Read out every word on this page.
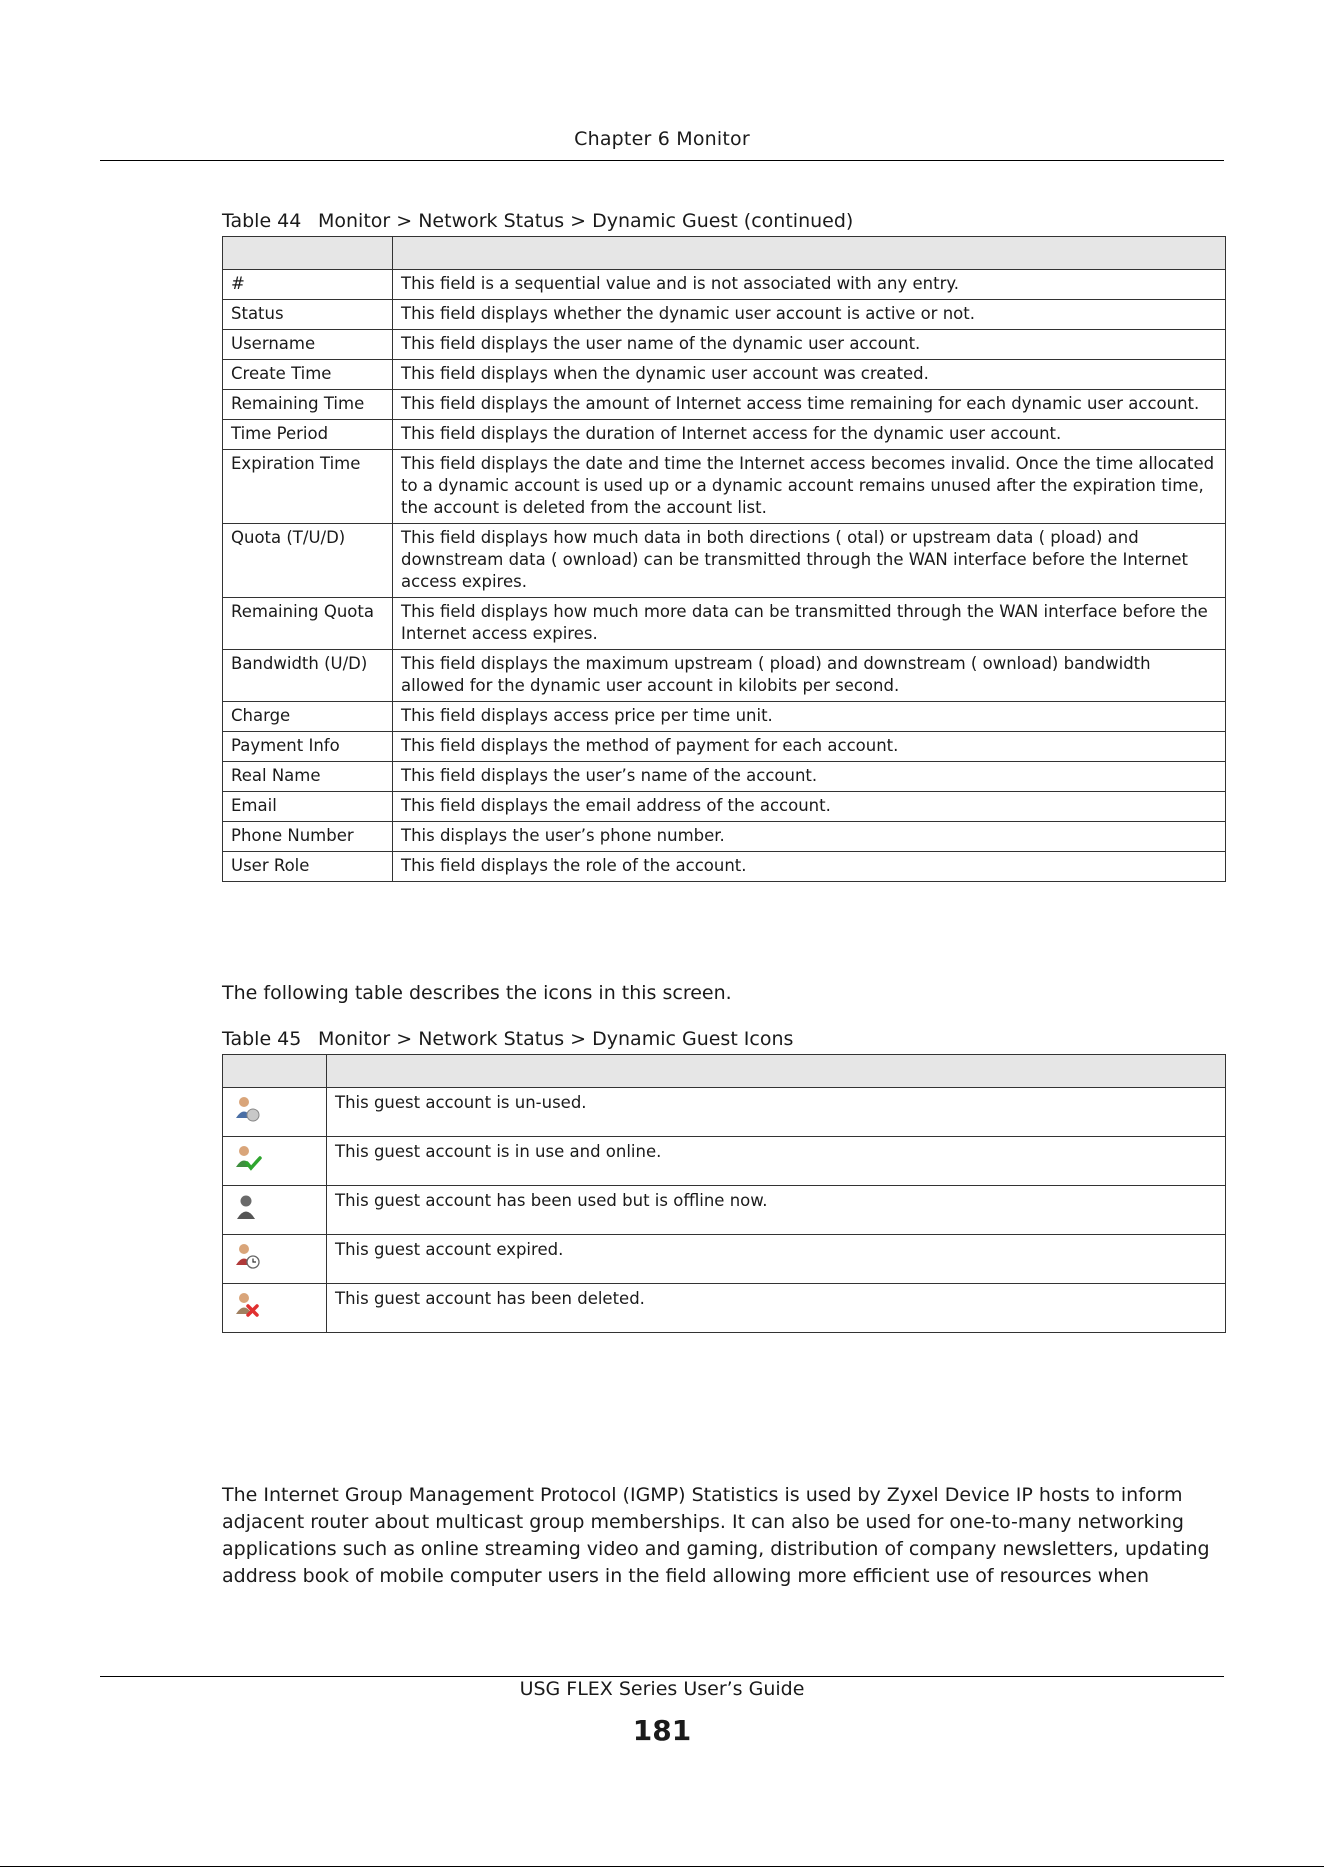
Chapter 6 Monitor
Table 44 Monitor > Network Status > Dynamic Guest (continued)

#	This field is a sequential value and is not associated with any entry.
Status	This field displays whether the dynamic user account is active or not.
Username	This field displays the user name of the dynamic user account.
Create Time	This field displays when the dynamic user account was created.
Remaining Time	This field displays the amount of Internet access time remaining for each dynamic user account.
Time Period	This field displays the duration of Internet access for the dynamic user account.
Expiration Time	This field displays the date and time the Internet access becomes invalid. Once the time allocated to a dynamic account is used up or a dynamic account remains unused after the expiration time, the account is deleted from the account list.
Quota (T/U/D)	This field displays how much data in both directions ( otal) or upstream data ( pload) and downstream data ( ownload) can be transmitted through the WAN interface before the Internet access expires.
Remaining Quota	This field displays how much more data can be transmitted through the WAN interface before the Internet access expires.
Bandwidth (U/D)	This field displays the maximum upstream ( pload) and downstream ( ownload) bandwidth allowed for the dynamic user account in kilobits per second.
Charge	This field displays access price per time unit.
Payment Info	This field displays the method of payment for each account.
Real Name	This field displays the user’s name of the account.
Email	This field displays the email address of the account.
Phone Number	This displays the user’s phone number.
User Role	This field displays the role of the account.
The following table describes the icons in this screen.
Table 45 Monitor > Network Status > Dynamic Guest Icons

	This guest account is un-used.

	This guest account is in use and online.

	This guest account has been used but is offline now.

	This guest account expired.

	This guest account has been deleted.
The Internet Group Management Protocol (IGMP) Statistics is used by Zyxel Device IP hosts to inform adjacent router about multicast group memberships. It can also be used for one-to-many networking applications such as online streaming video and gaming, distribution of company newsletters, updating address book of mobile computer users in the field allowing more efficient use of resources when
USG FLEX Series User’s Guide
181
